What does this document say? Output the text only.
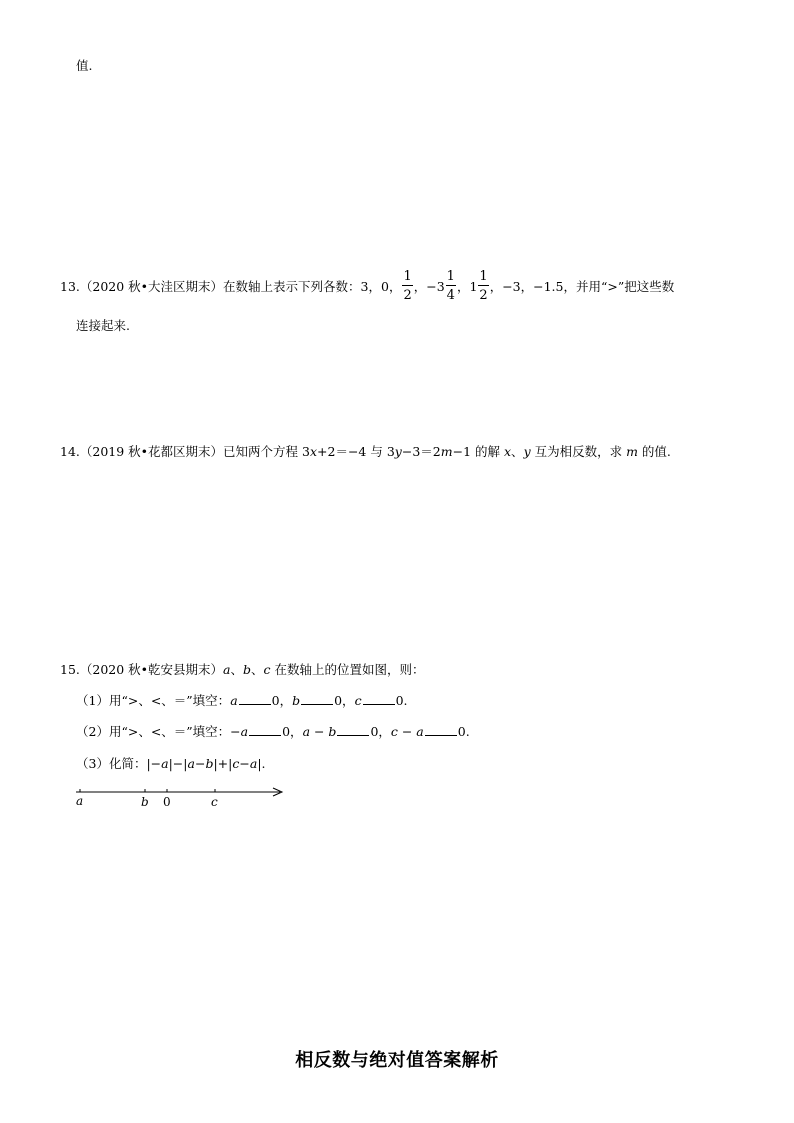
值.
13.（2020 秋•大洼区期末）在数轴上表示下列各数：3，0， $\frac{1}{2}$ ，$-3 \frac{1}{4}$ ，$1 \frac{1}{2}$ ，−3，−1.5，并用“>”把这些数
连接起来.
14.（2019 秋•花都区期末）已知两个方程 3x+2＝−4 与 3y−3＝2m−1 的解 x、y 互为相反数，求 m 的值.
15.（2020 秋•乾安县期末）a、b、c 在数轴上的位置如图，则：
（1）用“>、<、＝”填空：a	0，b	0，c	0.
（2）用“>、<、＝”填空：−a	0，a − b	0，c − a	0.
（3）化简：|−a|−|a−b|+|c−a|.
a	b 0	c
相反数与绝对值答案解析
